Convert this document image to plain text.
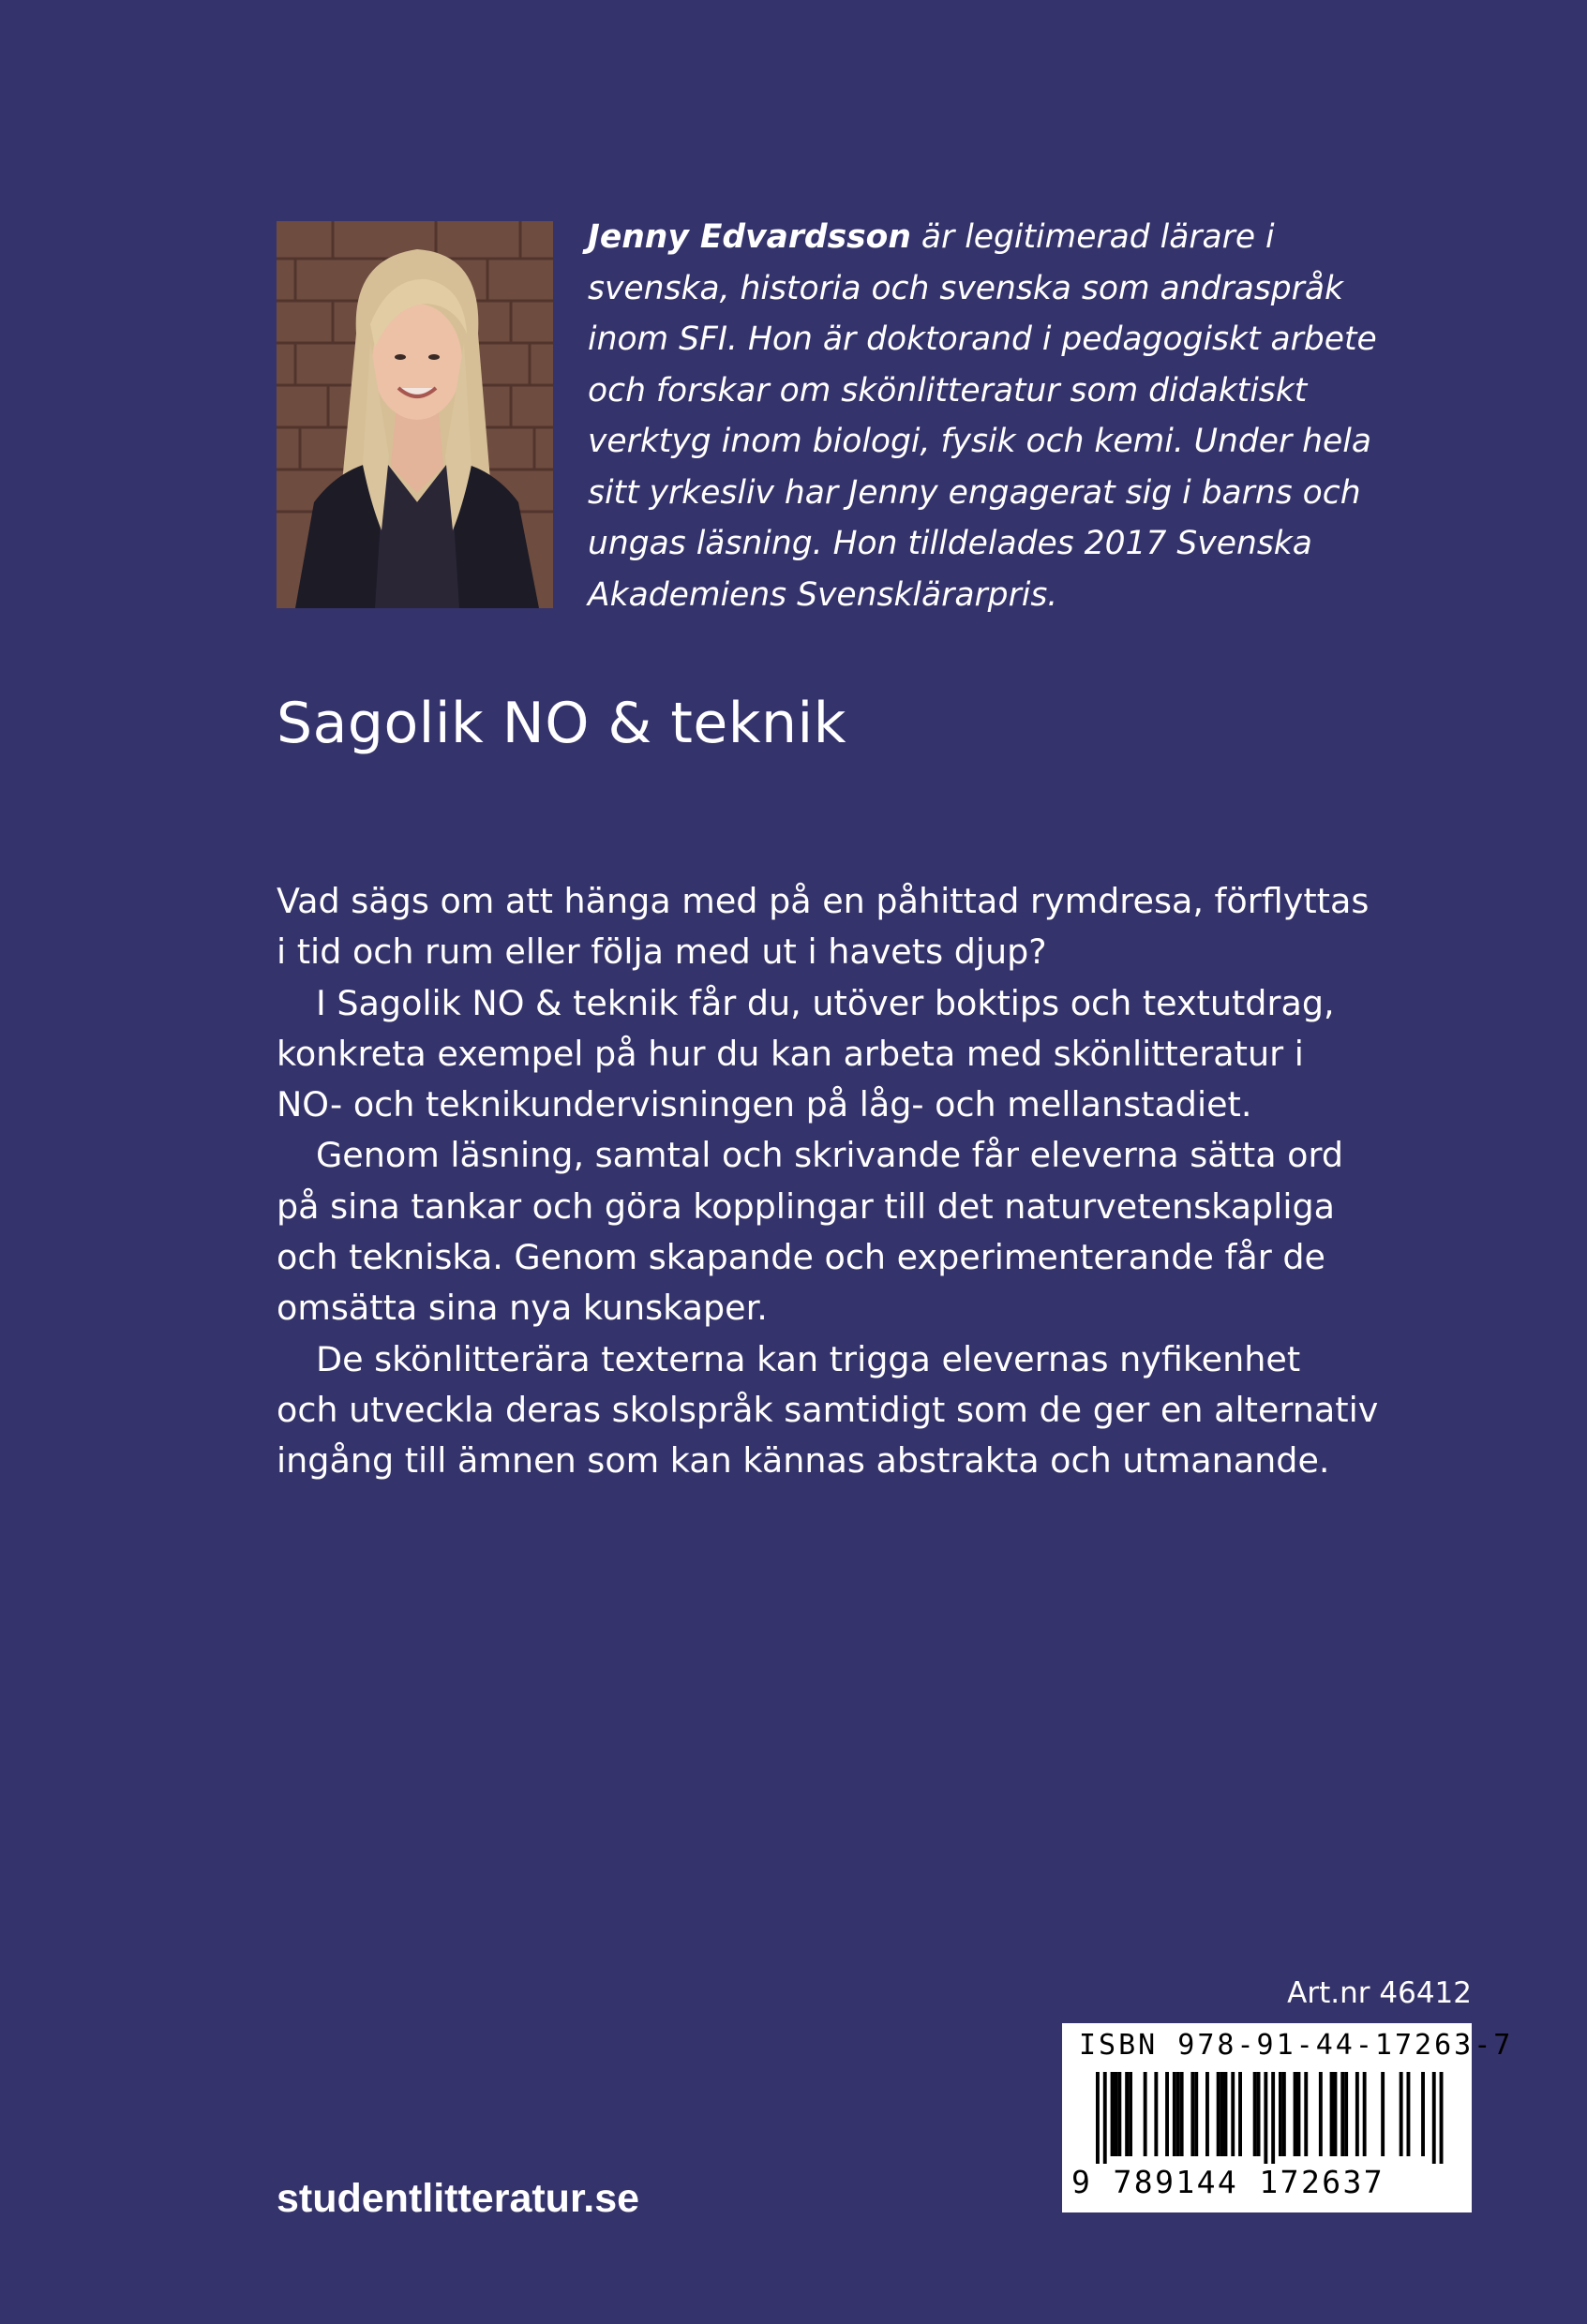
Jenny Edvardsson är legitimerad lärare i
svenska, historia och svenska som andraspråk
inom SFI. Hon är doktorand i pedagogiskt arbete
och forskar om skönlitteratur som didaktiskt
verktyg inom biologi, fysik och kemi. Under hela
sitt yrkesliv har Jenny engagerat sig i barns och
ungas läsning. Hon tilldelades 2017 Svenska
Akademiens Svensklärarpris.

Sagolik NO & teknik

Vad sägs om att hänga med på en påhittad rymdresa, förflyttas
i tid och rum eller följa med ut i havets djup?

I Sagolik NO & teknik får du, utöver boktips och textutdrag,
konkreta exempel på hur du kan arbeta med skönlitteratur i
NO- och teknikundervisningen på låg- och mellanstadiet.

Genom läsning, samtal och skrivande får eleverna sätta ord
på sina tankar och göra kopplingar till det naturvetenskapliga
och tekniska. Genom skapande och experimenterande får de
omsätta sina nya kunskaper.

De skönlitterära texterna kan trigga elevernas nyfikenhet
och utveckla deras skolspråk samtidigt som de ger en alternativ
ingång till ämnen som kan kännas abstrakta och utmanande.

Art.nr 46412
ISBN 978-91-44-17263-7
9 789144 172637

studentlitteratur.se
